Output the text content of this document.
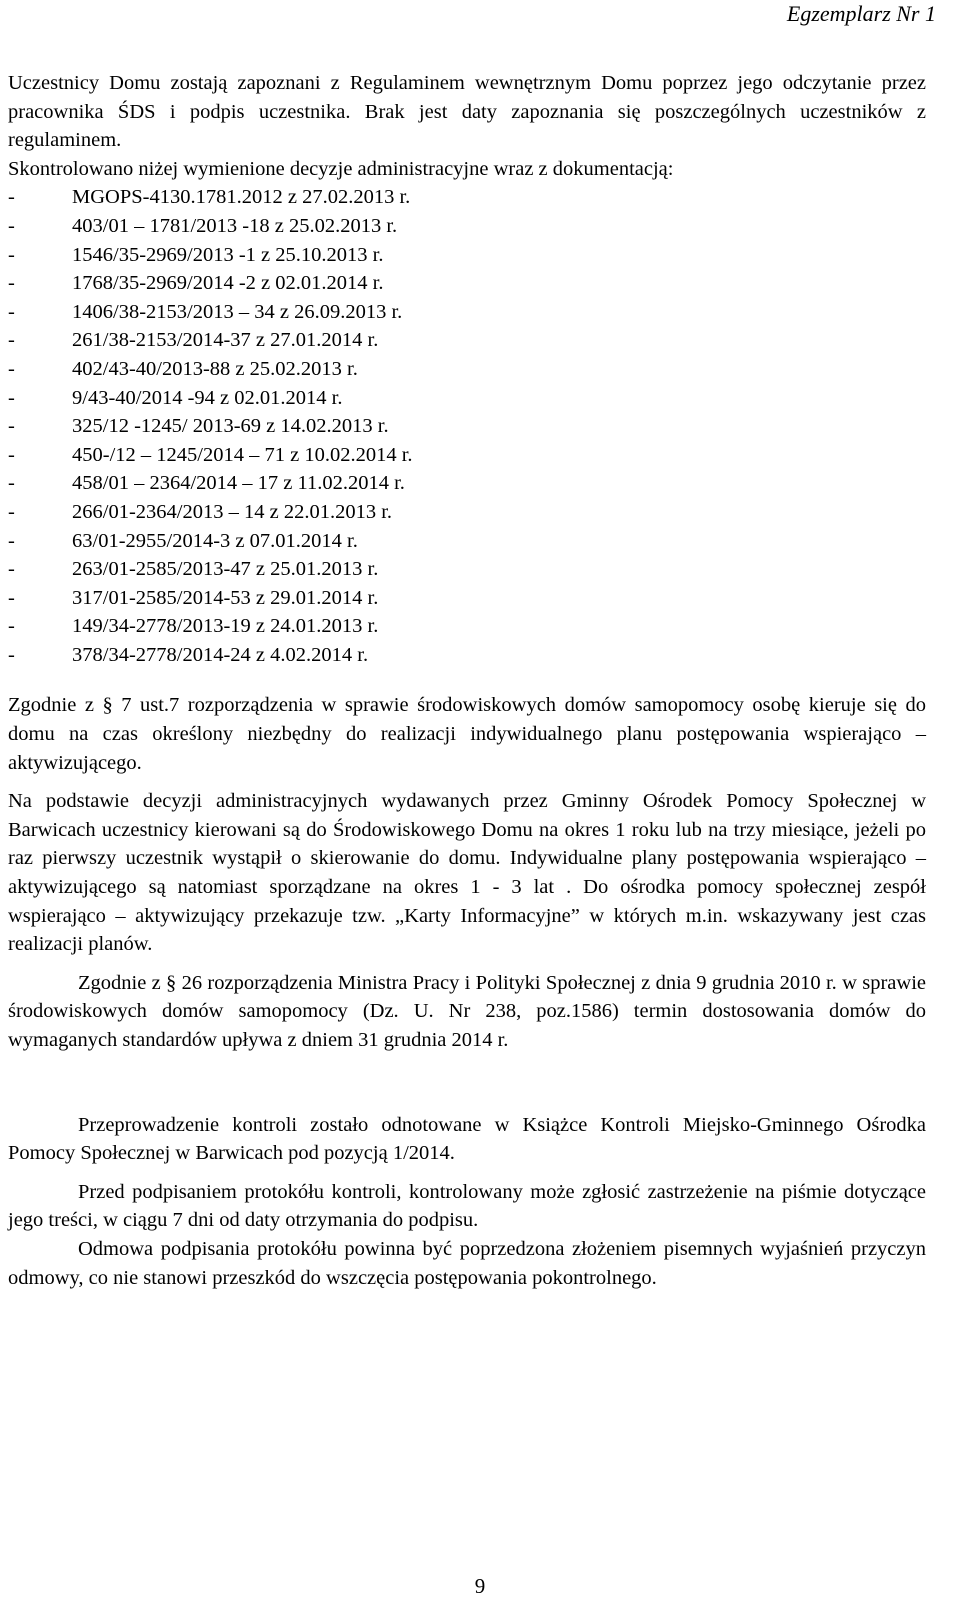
Egzemplarz Nr 1

Uczestnicy Domu zostają zapoznani z Regulaminem wewnętrznym Domu poprzez jego odczytanie przez pracownika ŚDS i podpis uczestnika. Brak jest daty zapoznania się poszczególnych uczestników z regulaminem.

Skontrolowano niżej wymienione decyzje administracyjne wraz z dokumentacją:

-	MGOPS-4130.1781.2012 z 27.02.2013 r.
-	403/01 – 1781/2013 -18 z 25.02.2013 r.
-	1546/35-2969/2013 -1 z 25.10.2013 r.
-	1768/35-2969/2014 -2 z 02.01.2014 r.
-	1406/38-2153/2013 – 34 z 26.09.2013 r.
-	261/38-2153/2014-37 z 27.01.2014 r.
-	402/43-40/2013-88 z 25.02.2013 r.
-	9/43-40/2014 -94 z 02.01.2014 r.
-	325/12 -1245/ 2013-69 z 14.02.2013 r.
-	450-/12 – 1245/2014 – 71 z 10.02.2014 r.
-	458/01 – 2364/2014 – 17 z 11.02.2014 r.
-	266/01-2364/2013 – 14 z 22.01.2013 r.
-	63/01-2955/2014-3 z 07.01.2014 r.
-	263/01-2585/2013-47 z 25.01.2013 r.
-	317/01-2585/2014-53 z 29.01.2014 r.
-	149/34-2778/2013-19 z 24.01.2013 r.
-	378/34-2778/2014-24 z 4.02.2014 r.

Zgodnie z § 7 ust.7 rozporządzenia w sprawie środowiskowych domów samopomocy osobę kieruje się do domu na czas określony niezbędny do realizacji indywidualnego planu postępowania wspierająco – aktywizującego.

Na podstawie decyzji administracyjnych wydawanych przez Gminny Ośrodek Pomocy Społecznej w Barwicach uczestnicy kierowani są do Środowiskowego Domu na okres 1 roku lub na trzy miesiące, jeżeli po raz pierwszy uczestnik wystąpił o skierowanie do domu. Indywidualne plany postępowania wspierająco – aktywizującego są natomiast sporządzane na okres 1 - 3 lat . Do ośrodka pomocy społecznej zespół wspierająco – aktywizujący przekazuje tzw. „Karty Informacyjne” w których m.in. wskazywany jest czas realizacji planów.

Zgodnie z § 26 rozporządzenia Ministra Pracy i Polityki Społecznej z dnia 9 grudnia 2010 r. w sprawie środowiskowych domów samopomocy (Dz. U. Nr 238, poz.1586) termin dostosowania domów do wymaganych standardów upływa z dniem 31 grudnia 2014 r.

Przeprowadzenie kontroli zostało odnotowane w Książce Kontroli Miejsko-Gminnego Ośrodka Pomocy Społecznej w Barwicach pod pozycją 1/2014.

Przed podpisaniem protokółu kontroli, kontrolowany może zgłosić zastrzeżenie na piśmie dotyczące jego treści, w ciągu 7 dni od daty otrzymania do podpisu.

Odmowa podpisania protokółu powinna być poprzedzona złożeniem pisemnych wyjaśnień przyczyn odmowy, co nie stanowi przeszkód do wszczęcia postępowania pokontrolnego.

9
